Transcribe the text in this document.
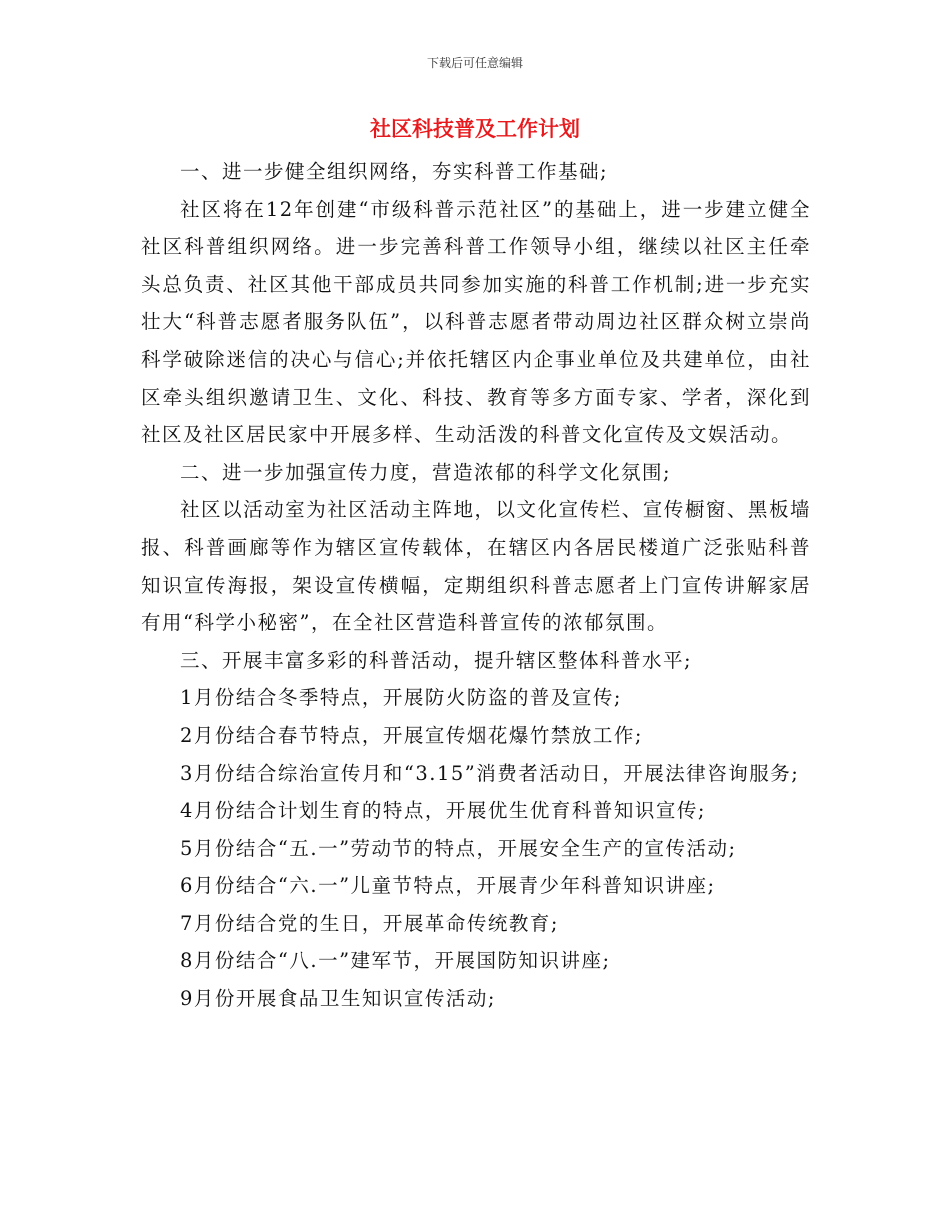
下载后可任意编辑
社区科技普及工作计划

一、进一步健全组织网络，夯实科普工作基础;

社区将在12年创建“市级科普示范社区”的基础上，进一步建立健全社区科普组织网络。进一步完善科普工作领导小组，继续以社区主任牵头总负责、社区其他干部成员共同参加实施的科普工作机制;进一步充实壮大“科普志愿者服务队伍”，以科普志愿者带动周边社区群众树立崇尚科学破除迷信的决心与信心;并依托辖区内企事业单位及共建单位，由社区牵头组织邀请卫生、文化、科技、教育等多方面专家、学者，深化到社区及社区居民家中开展多样、生动活泼的科普文化宣传及文娱活动。

二、进一步加强宣传力度，营造浓郁的科学文化氛围;

社区以活动室为社区活动主阵地，以文化宣传栏、宣传橱窗、黑板墙报、科普画廊等作为辖区宣传载体，在辖区内各居民楼道广泛张贴科普知识宣传海报，架设宣传横幅，定期组织科普志愿者上门宣传讲解家居有用“科学小秘密”，在全社区营造科普宣传的浓郁氛围。

三、开展丰富多彩的科普活动，提升辖区整体科普水平;

1月份结合冬季特点，开展防火防盗的普及宣传;

2月份结合春节特点，开展宣传烟花爆竹禁放工作;

3月份结合综治宣传月和“3.15”消费者活动日，开展法律咨询服务;

4月份结合计划生育的特点，开展优生优育科普知识宣传;

5月份结合“五.一”劳动节的特点，开展安全生产的宣传活动;

6月份结合“六.一”儿童节特点，开展青少年科普知识讲座;

7月份结合党的生日，开展革命传统教育;

8月份结合“八.一”建军节，开展国防知识讲座;

9月份开展食品卫生知识宣传活动;
